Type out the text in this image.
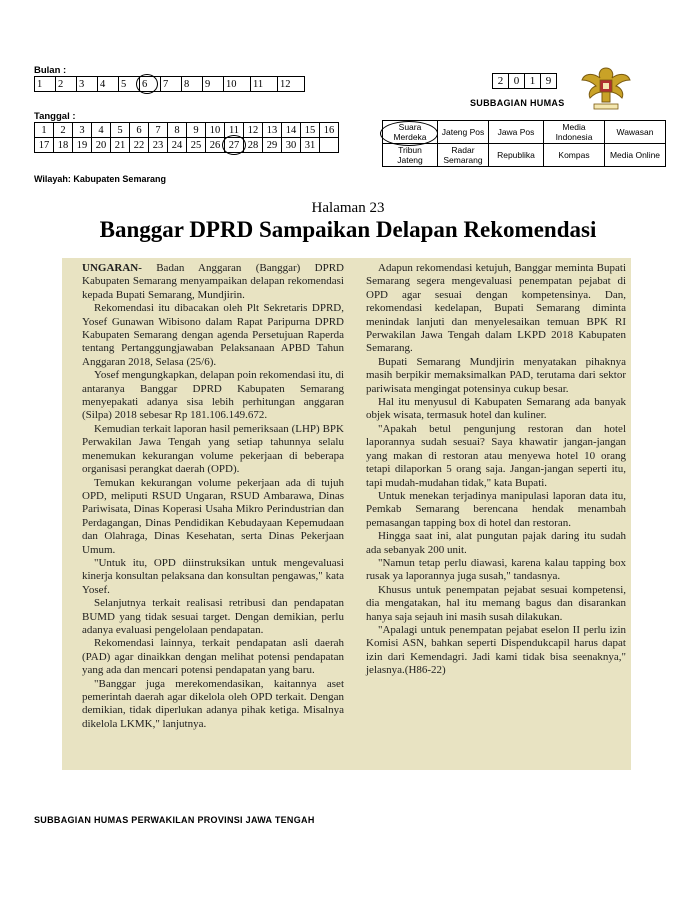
Bulan :
1	2	3	4	5	6	7	8	9	10	11	12
Tanggal :
1	2	3	4	5	6	7	8	9	10	11	12	13	14	15	16
17	18	19	20	21	22	23	24	25	26	27	28	29	30	31	
Wilayah: Kabupaten Semarang
2	0	1	9
SUBBAGIAN HUMAS
Suara Merdeka	Jateng Pos	Jawa Pos	Media Indonesia	Wawasan
Tribun Jateng	Radar Semarang	Republika	Kompas	Media Online
Halaman 23
Banggar DPRD Sampaikan Delapan Rekomendasi

UNGARAN- Badan Anggaran (Banggar) DPRD Kabupaten Semarang menyampaikan delapan rekomendasi kepada Bupati Semarang, Mundjirin.

Rekomendasi itu dibacakan oleh Plt Sekretaris DPRD, Yosef Gunawan Wibisono dalam Rapat Paripurna DPRD Kabupaten Semarang dengan agenda Persetujuan Raperda tentang Pertanggungjawaban Pelaksanaan APBD Tahun Anggaran 2018, Selasa (25/6).

Yosef mengungkapkan, delapan poin rekomendasi itu, di antaranya Banggar DPRD Kabupaten Semarang menyepakati adanya sisa lebih perhitungan anggaran (Silpa) 2018 sebesar Rp 181.106.149.672.

Kemudian terkait laporan hasil pemeriksaan (LHP) BPK Perwakilan Jawa Tengah yang setiap tahunnya selalu menemukan kekurangan volume pekerjaan di beberapa organisasi perangkat daerah (OPD).

Temukan kekurangan volume pekerjaan ada di tujuh OPD, meliputi RSUD Ungaran, RSUD Ambarawa, Dinas Pariwisata, Dinas Koperasi Usaha Mikro Perindustrian dan Perdagangan, Dinas Pendidikan Kebudayaan Kepemudaan dan Olahraga, Dinas Kesehatan, serta Dinas Pekerjaan Umum.

"Untuk itu, OPD diinstruksikan untuk mengevaluasi kinerja konsultan pelaksana dan konsultan pengawas," kata Yosef.

Selanjutnya terkait realisasi retribusi dan pendapatan BUMD yang tidak sesuai target. Dengan demikian, perlu adanya evaluasi pengelolaan pendapatan.

Rekomendasi lainnya, terkait pendapatan asli daerah (PAD) agar dinaikkan dengan melihat potensi pendapatan yang ada dan mencari potensi pendapatan yang baru.

"Banggar juga merekomendasikan, kaitannya aset pemerintah daerah agar dikelola oleh OPD terkait. Dengan demikian, tidak diperlukan adanya pihak ketiga. Misalnya dikelola LKMK," lanjutnya.

Adapun rekomendasi ketujuh, Banggar meminta Bupati Semarang segera mengevaluasi penempatan pejabat di OPD agar sesuai dengan kompetensinya. Dan, rekomendasi kedelapan, Bupati Semarang diminta menindak lanjuti dan menyelesaikan temuan BPK RI Perwakilan Jawa Tengah dalam LKPD 2018 Kabupaten Semarang.

Bupati Semarang Mundjirin menyatakan pihaknya masih berpikir memaksimalkan PAD, terutama dari sektor pariwisata mengingat potensinya cukup besar.

Hal itu menyusul di Kabupaten Semarang ada banyak objek wisata, termasuk hotel dan kuliner.

"Apakah betul pengunjung restoran dan hotel laporannya sudah sesuai? Saya khawatir jangan-jangan yang makan di restoran atau menyewa hotel 10 orang tetapi dilaporkan 5 orang saja. Jangan-jangan seperti itu, tapi mudah-mudahan tidak," kata Bupati.

Untuk menekan terjadinya manipulasi laporan data itu, Pemkab Semarang berencana hendak menambah pemasangan tapping box di hotel dan restoran.

Hingga saat ini, alat pungutan pajak daring itu sudah ada sebanyak 200 unit.

"Namun tetap perlu diawasi, karena kalau tapping box rusak ya laporannya juga susah," tandasnya.

Khusus untuk penempatan pejabat sesuai kompetensi, dia mengatakan, hal itu memang bagus dan disarankan hanya saja sejauh ini masih susah dilakukan.

"Apalagi untuk penempatan pejabat eselon II perlu izin Komisi ASN, bahkan seperti Dispendukcapil harus dapat izin dari Kemendagri. Jadi kami tidak bisa seenaknya," jelasnya.(H86-22)

SUBBAGIAN HUMAS PERWAKILAN PROVINSI JAWA TENGAH
